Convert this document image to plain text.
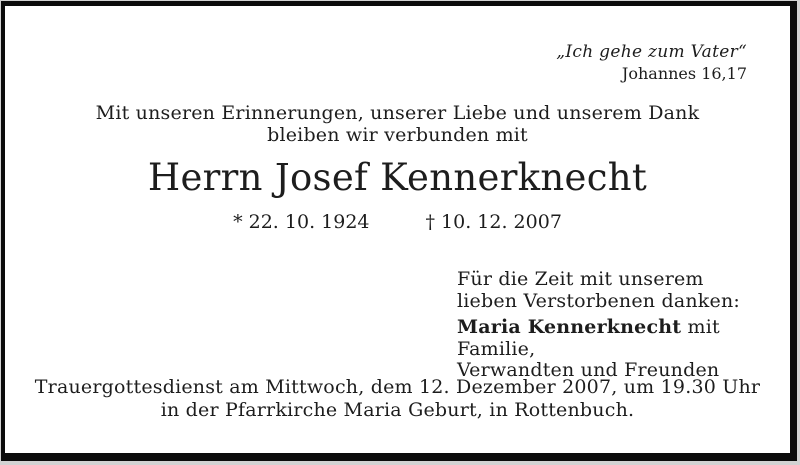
„Ich gehe zum Vater“
Johannes 16,17
Mit unseren Erinnerungen, unserer Liebe und unserem Dank
bleiben wir verbunden mit
Herrn Josef Kennerknecht
* 22. 10. 1924	† 10. 12. 2007
Für die Zeit mit unserem
lieben Verstorbenen danken:
Maria Kennerknecht mit Familie,
Verwandten und Freunden
Trauergottesdienst am Mittwoch, dem 12. Dezember 2007, um 19.30 Uhr
in der Pfarrkirche Maria Geburt, in Rottenbuch.
